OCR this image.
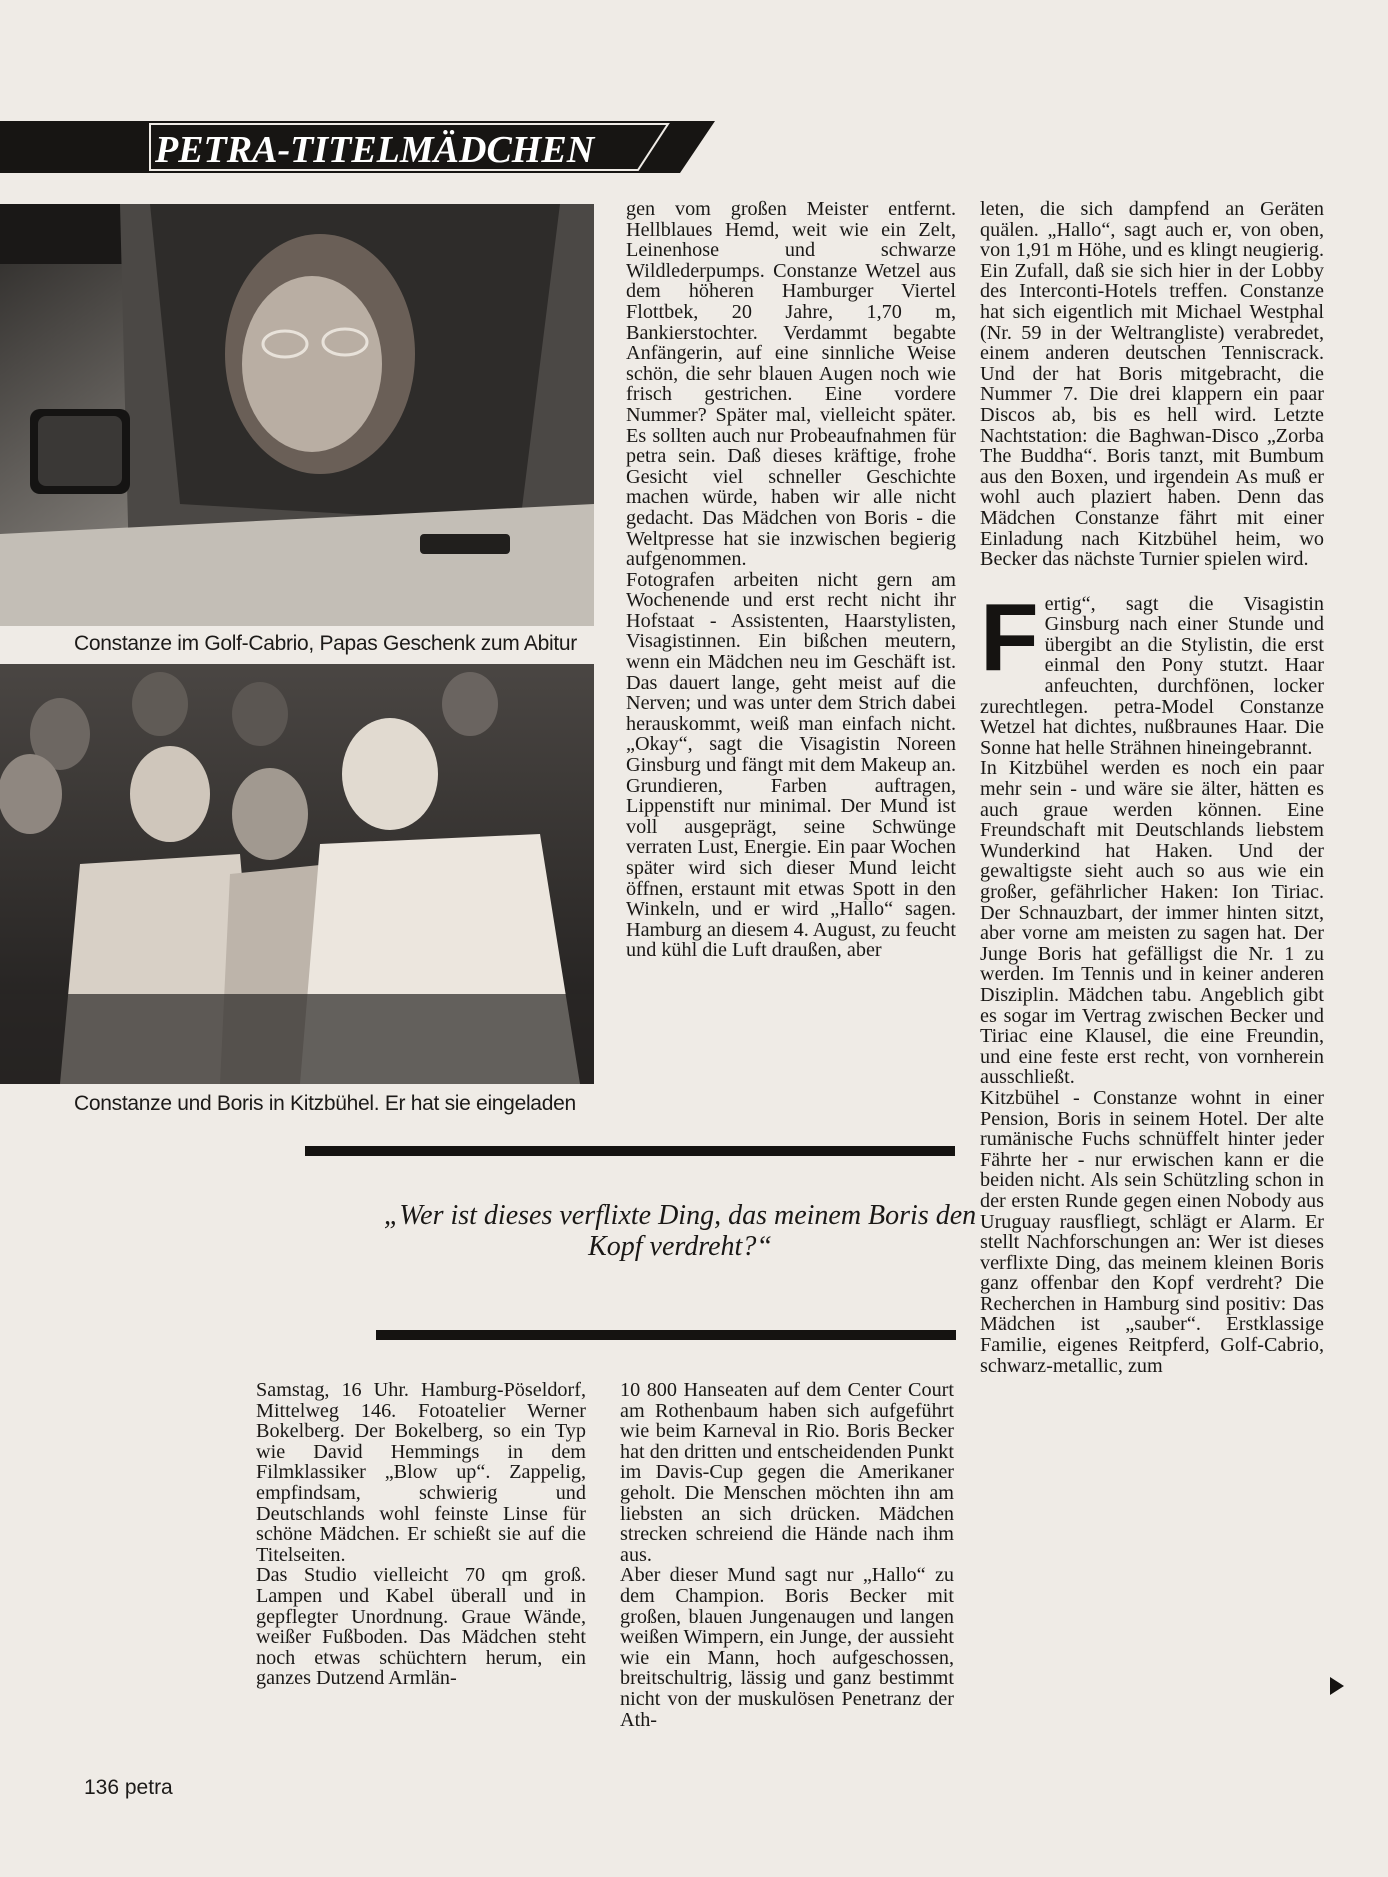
PETRA-TITELMÄDCHEN
Constanze im Golf-Cabrio, Papas Geschenk zum Abitur
Constanze und Boris in Kitzbühel. Er hat sie eingeladen

gen vom großen Meister entfernt. Hellblaues Hemd, weit wie ein Zelt, Leinenhose und schwarze Wildlederpumps. Constanze Wetzel aus dem höheren Hamburger Viertel Flottbek, 20 Jahre, 1,70 m, Bankierstochter. Verdammt begabte Anfängerin, auf eine sinnliche Weise schön, die sehr blauen Augen noch wie frisch gestrichen. Eine vordere Nummer? Später mal, vielleicht später. Es sollten auch nur Probeaufnahmen für petra sein. Daß dieses kräftige, frohe Gesicht viel schneller Geschichte machen würde, haben wir alle nicht gedacht. Das Mädchen von Boris - die Weltpresse hat sie inzwischen begierig aufgenommen.

Fotografen arbeiten nicht gern am Wochenende und erst recht nicht ihr Hofstaat - Assistenten, Haarstylisten, Visagistinnen. Ein bißchen meutern, wenn ein Mädchen neu im Geschäft ist. Das dauert lange, geht meist auf die Nerven; und was unter dem Strich dabei herauskommt, weiß man einfach nicht. „Okay“, sagt die Visagistin Noreen Ginsburg und fängt mit dem Makeup an. Grundieren, Farben auftragen, Lippenstift nur minimal. Der Mund ist voll ausgeprägt, seine Schwünge verraten Lust, Energie. Ein paar Wochen später wird sich dieser Mund leicht öffnen, erstaunt mit etwas Spott in den Winkeln, und er wird „Hallo“ sagen. Hamburg an diesem 4. August, zu feucht und kühl die Luft draußen, aber

leten, die sich dampfend an Geräten quälen. „Hallo“, sagt auch er, von oben, von 1,91 m Höhe, und es klingt neugierig. Ein Zufall, daß sie sich hier in der Lobby des Interconti-Hotels treffen. Constanze hat sich eigentlich mit Michael Westphal (Nr. 59 in der Weltrangliste) verabredet, einem anderen deutschen Tenniscrack. Und der hat Boris mitgebracht, die Nummer 7. Die drei klappern ein paar Discos ab, bis es hell wird. Letzte Nachtstation: die Baghwan-Disco „Zorba The Buddha“. Boris tanzt, mit Bumbum aus den Boxen, und irgendein As muß er wohl auch plaziert haben. Denn das Mädchen Constanze fährt mit einer Einladung nach Kitzbühel heim, wo Becker das nächste Turnier spielen wird.

F ertig“, sagt die Visagistin Ginsburg nach einer Stunde und übergibt an die Stylistin, die erst einmal den Pony stutzt. Haar anfeuchten, durchfönen, locker zurechtlegen. petra-Model Constanze Wetzel hat dichtes, nußbraunes Haar. Die Sonne hat helle Strähnen hineingebrannt.

In Kitzbühel werden es noch ein paar mehr sein - und wäre sie älter, hätten es auch graue werden können. Eine Freundschaft mit Deutschlands liebstem Wunderkind hat Haken. Und der gewaltigste sieht auch so aus wie ein großer, gefährlicher Haken: Ion Tiriac. Der Schnauzbart, der immer hinten sitzt, aber vorne am meisten zu sagen hat. Der Junge Boris hat gefälligst die Nr. 1 zu werden. Im Tennis und in keiner anderen Disziplin. Mädchen tabu. Angeblich gibt es sogar im Vertrag zwischen Becker und Tiriac eine Klausel, die eine Freundin, und eine feste erst recht, von vornherein ausschließt.

Kitzbühel - Constanze wohnt in einer Pension, Boris in seinem Hotel. Der alte rumänische Fuchs schnüffelt hinter jeder Fährte her - nur erwischen kann er die beiden nicht. Als sein Schützling schon in der ersten Runde gegen einen Nobody aus Uruguay rausfliegt, schlägt er Alarm. Er stellt Nachforschungen an: Wer ist dieses verflixte Ding, das meinem kleinen Boris ganz offenbar den Kopf verdreht? Die Recherchen in Hamburg sind positiv: Das Mädchen ist „sauber“. Erstklassige Familie, eigenes Reitpferd, Golf-Cabrio, schwarz-metallic, zum

„Wer ist dieses verflixte Ding, das meinem Boris den Kopf verdreht?“

Samstag, 16 Uhr. Hamburg-Pöseldorf, Mittelweg 146. Fotoatelier Werner Bokelberg. Der Bokelberg, so ein Typ wie David Hemmings in dem Filmklassiker „Blow up“. Zappelig, empfindsam, schwierig und Deutschlands wohl feinste Linse für schöne Mädchen. Er schießt sie auf die Titelseiten.

Das Studio vielleicht 70 qm groß. Lampen und Kabel überall und in gepflegter Unordnung. Graue Wände, weißer Fußboden. Das Mädchen steht noch etwas schüchtern herum, ein ganzes Dutzend Armlän-

10 800 Hanseaten auf dem Center Court am Rothenbaum haben sich aufgeführt wie beim Karneval in Rio. Boris Becker hat den dritten und entscheidenden Punkt im Davis-Cup gegen die Amerikaner geholt. Die Menschen möchten ihn am liebsten an sich drücken. Mädchen strecken schreiend die Hände nach ihm aus.

Aber dieser Mund sagt nur „Hallo“ zu dem Champion. Boris Becker mit großen, blauen Jungenaugen und langen weißen Wimpern, ein Junge, der aussieht wie ein Mann, hoch aufgeschossen, breitschultrig, lässig und ganz bestimmt nicht von der muskulösen Penetranz der Ath-

136 petra
